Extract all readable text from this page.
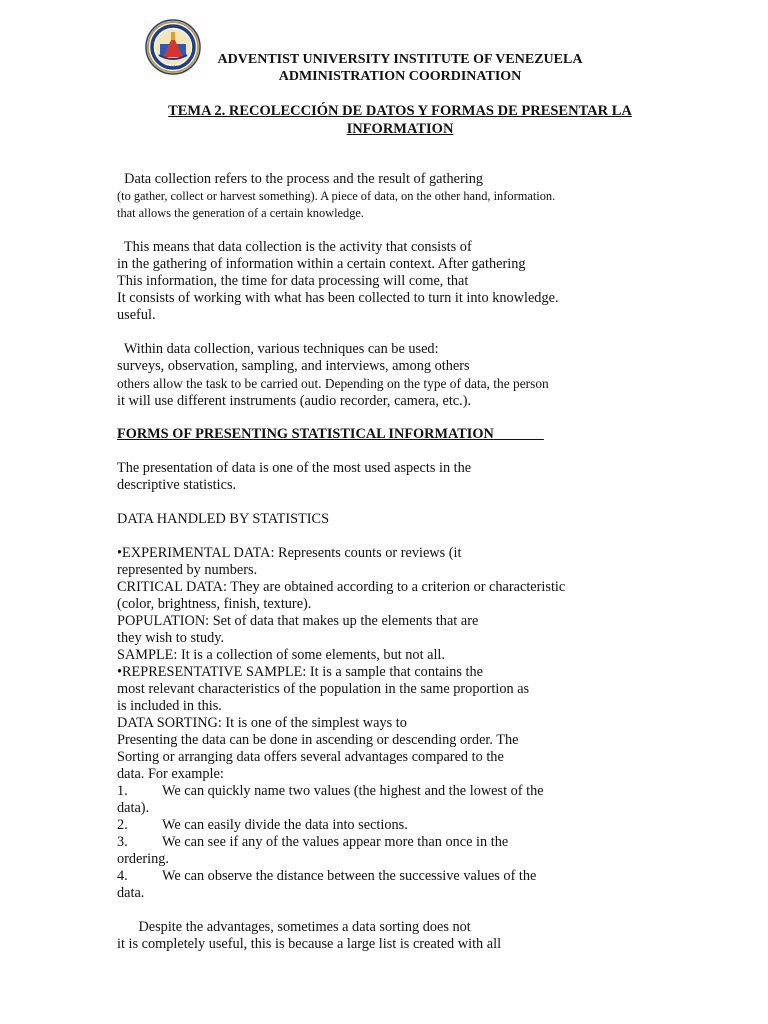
1988
ADVENTIST UNIVERSITY INSTITUTE OF VENEZUELA
ADMINISTRATION COORDINATION
TEMA 2. RECOLECCIÓN DE DATOS Y FORMAS DE PRESENTAR LA
INFORMATION
Data collection refers to the process and the result of gathering
(to gather, collect or harvest something). A piece of data, on the other hand, information.
that allows the generation of a certain knowledge.
This means that data collection is the activity that consists of
in the gathering of information within a certain context. After gathering
This information, the time for data processing will come, that
It consists of working with what has been collected to turn it into knowledge.
useful.
Within data collection, various techniques can be used:
surveys, observation, sampling, and interviews, among others
others allow the task to be carried out. Depending on the type of data, the person
it will use different instruments (audio recorder, camera, etc.).
FORMS OF PRESENTING STATISTICAL INFORMATION
The presentation of data is one of the most used aspects in the
descriptive statistics.
DATA HANDLED BY STATISTICS
•EXPERIMENTAL DATA: Represents counts or reviews (it
represented by numbers.
CRITICAL DATA: They are obtained according to a criterion or characteristic
(color, brightness, finish, texture).
POPULATION: Set of data that makes up the elements that are
they wish to study.
SAMPLE: It is a collection of some elements, but not all.
•REPRESENTATIVE SAMPLE: It is a sample that contains the
most relevant characteristics of the population in the same proportion as
is included in this.
DATA SORTING: It is one of the simplest ways to
Presenting the data can be done in ascending or descending order. The
Sorting or arranging data offers several advantages compared to the
data. For example:
1. We can quickly name two values (the highest and the lowest of the
data).
2. We can easily divide the data into sections.
3. We can see if any of the values appear more than once in the
ordering.
4. We can observe the distance between the successive values of the
data.
Despite the advantages, sometimes a data sorting does not
it is completely useful, this is because a large list is created with all
